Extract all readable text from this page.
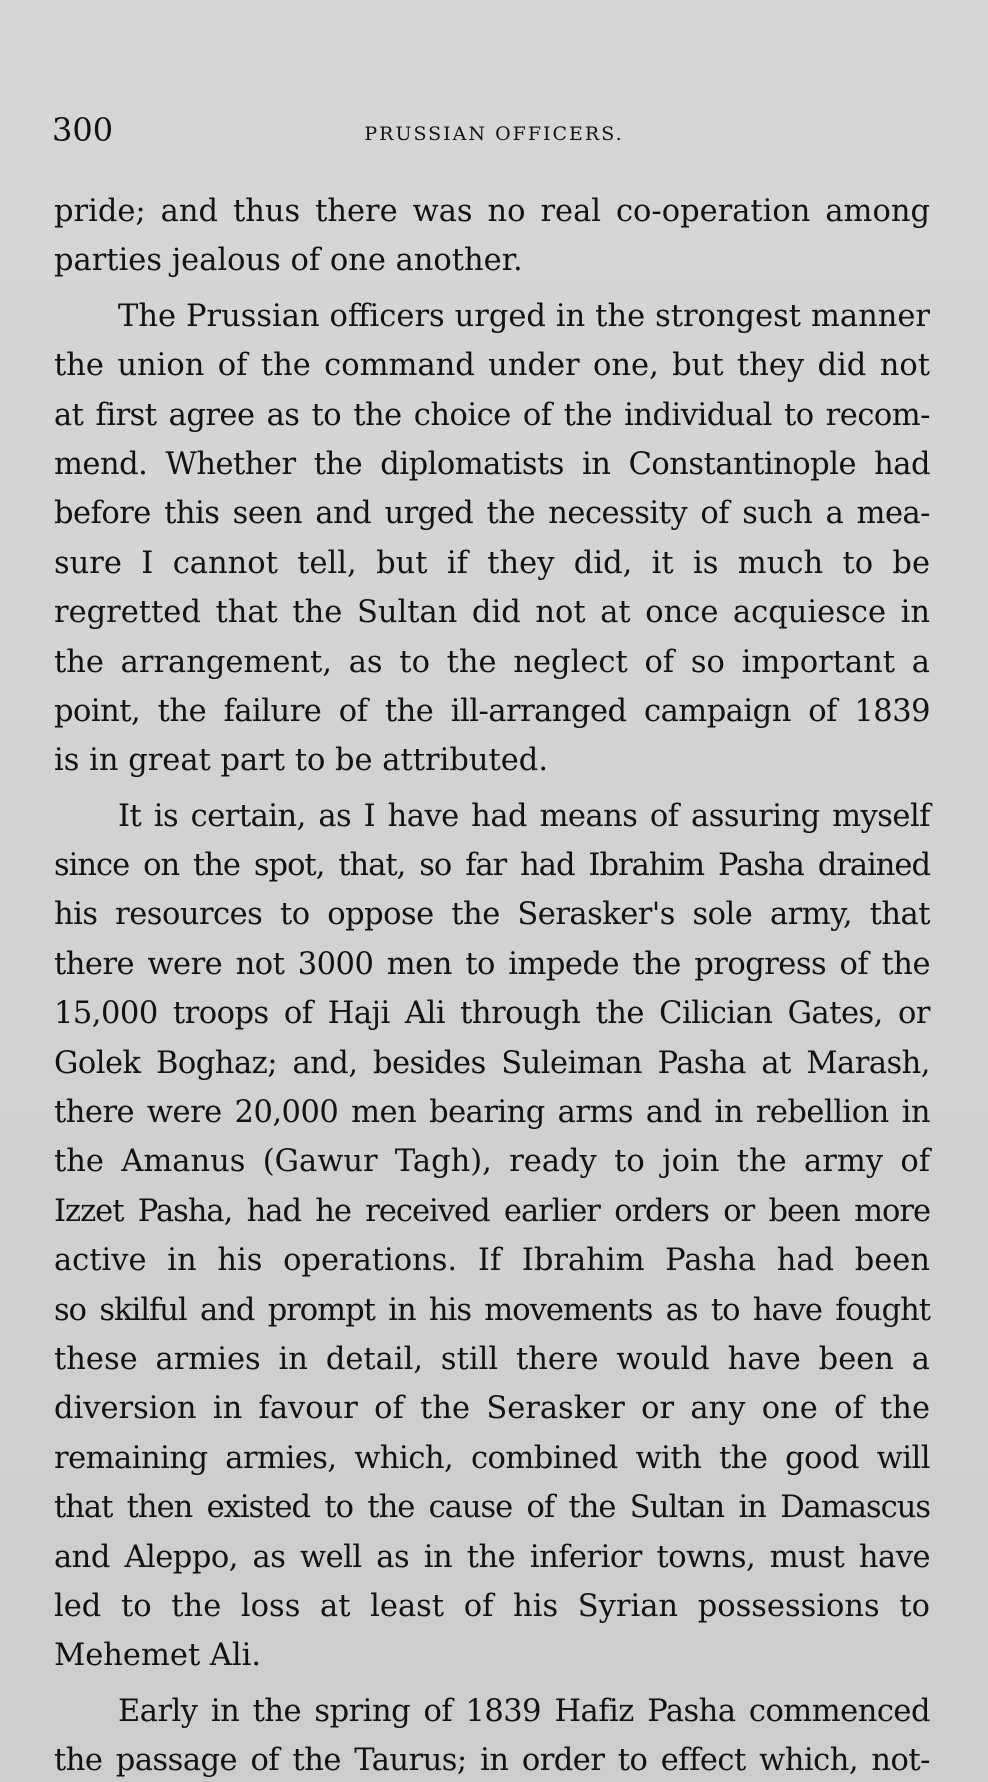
300	PRUSSIAN OFFICERS.
pride; and thus there was no real co-operation among
parties jealous of one another.
The Prussian officers urged in the strongest manner
the union of the command under one, but they did not
at first agree as to the choice of the individual to recom-
mend. Whether the diplomatists in Constantinople had
before this seen and urged the necessity of such a mea-
sure I cannot tell, but if they did, it is much to be
regretted that the Sultan did not at once acquiesce in
the arrangement, as to the neglect of so important a
point, the failure of the ill-arranged campaign of 1839
is in great part to be attributed.
It is certain, as I have had means of assuring myself
since on the spot, that, so far had Ibrahim Pasha drained
his resources to oppose the Serasker's sole army, that
there were not 3000 men to impede the progress of the
15,000 troops of Haji Ali through the Cilician Gates, or
Golek Boghaz; and, besides Suleiman Pasha at Marash,
there were 20,000 men bearing arms and in rebellion in
the Amanus (Gawur Tagh), ready to join the army of
Izzet Pasha, had he received earlier orders or been more
active in his operations. If Ibrahim Pasha had been
so skilful and prompt in his movements as to have fought
these armies in detail, still there would have been a
diversion in favour of the Serasker or any one of the
remaining armies, which, combined with the good will
that then existed to the cause of the Sultan in Damascus
and Aleppo, as well as in the inferior towns, must have
led to the loss at least of his Syrian possessions to
Mehemet Ali.
Early in the spring of 1839 Hafiz Pasha commenced
the passage of the Taurus; in order to effect which, not-
